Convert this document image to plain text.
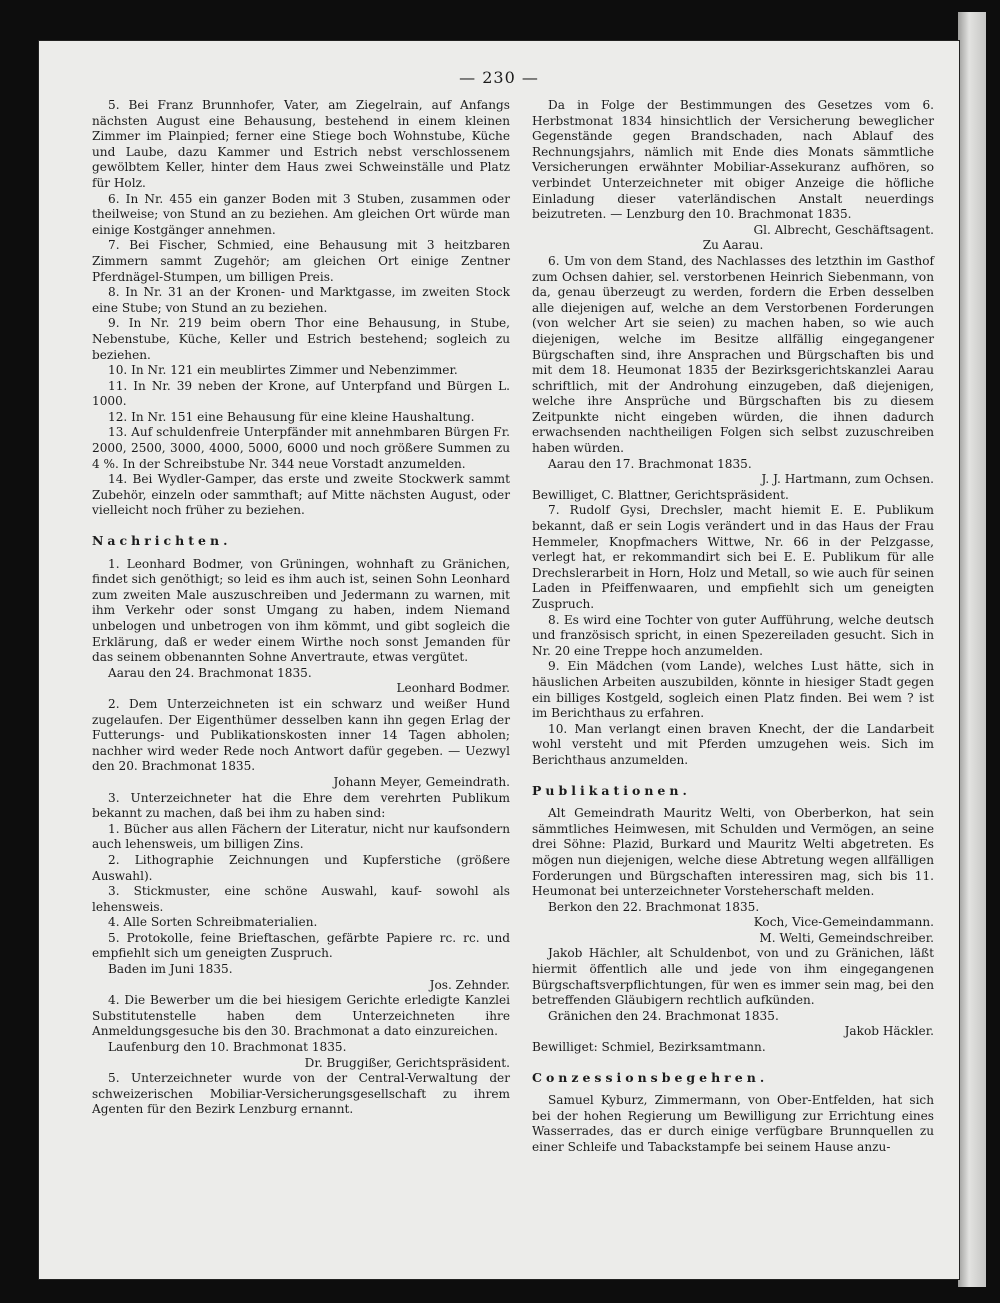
— 230 —

5. Bei Franz Brunnhofer, Vater, am Ziegelrain, auf Anfangs nächsten August eine Behausung, bestehend in einem kleinen Zimmer im Plainpied; ferner eine Stiege boch Wohnstube, Küche und Laube, dazu Kammer und Estrich nebst verschlossenem gewölbtem Keller, hinter dem Haus zwei Schweinställe und Platz für Holz.

6. In Nr. 455 ein ganzer Boden mit 3 Stuben, zusammen oder theilweise; von Stund an zu beziehen. Am gleichen Ort würde man einige Kostgänger annehmen.

7. Bei Fischer, Schmied, eine Behausung mit 3 heitzbaren Zimmern sammt Zugehör; am gleichen Ort einige Zentner Pferdnägel-Stumpen, um billigen Preis.

8. In Nr. 31 an der Kronen- und Marktgasse, im zweiten Stock eine Stube; von Stund an zu beziehen.

9. In Nr. 219 beim obern Thor eine Behausung, in Stube, Nebenstube, Küche, Keller und Estrich bestehend; sogleich zu beziehen.

10. In Nr. 121 ein meublirtes Zimmer und Nebenzimmer.

11. In Nr. 39 neben der Krone, auf Unterpfand und Bürgen L. 1000.

12. In Nr. 151 eine Behausung für eine kleine Haushaltung.

13. Auf schuldenfreie Unterpfänder mit annehmbaren Bürgen Fr. 2000, 2500, 3000, 4000, 5000, 6000 und noch größere Summen zu 4 %. In der Schreibstube Nr. 344 neue Vorstadt anzumelden.

14. Bei Wydler-Gamper, das erste und zweite Stockwerk sammt Zubehör, einzeln oder sammthaft; auf Mitte nächsten August, oder vielleicht noch früher zu beziehen.

Nachrichten.

1. Leonhard Bodmer, von Grüningen, wohnhaft zu Gränichen, findet sich genöthigt; so leid es ihm auch ist, seinen Sohn Leonhard zum zweiten Male auszuschreiben und Jedermann zu warnen, mit ihm Verkehr oder sonst Umgang zu haben, indem Niemand unbelogen und unbetrogen von ihm kömmt, und gibt sogleich die Erklärung, daß er weder einem Wirthe noch sonst Jemanden für das seinem obbenannten Sohne Anvertraute, etwas vergütet.

Aarau den 24. Brachmonat 1835.

Leonhard Bodmer.

2. Dem Unterzeichneten ist ein schwarz und weißer Hund zugelaufen. Der Eigenthümer desselben kann ihn gegen Erlag der Futterungs- und Publikationskosten inner 14 Tagen abholen; nachher wird weder Rede noch Antwort dafür gegeben. — Uezwyl den 20. Brachmonat 1835.

Johann Meyer, Gemeindrath.

3. Unterzeichneter hat die Ehre dem verehrten Publikum bekannt zu machen, daß bei ihm zu haben sind:

1. Bücher aus allen Fächern der Literatur, nicht nur kaufsondern auch lehensweis, um billigen Zins.

2. Lithographie Zeichnungen und Kupferstiche (größere Auswahl).

3. Stickmuster, eine schöne Auswahl, kauf- sowohl als lehensweis.

4. Alle Sorten Schreibmaterialien.

5. Protokolle, feine Brieftaschen, gefärbte Papiere rc. rc. und empfiehlt sich um geneigten Zuspruch.

Baden im Juni 1835.

Jos. Zehnder.

4. Die Bewerber um die bei hiesigem Gerichte erledigte Kanzlei Substitutenstelle haben dem Unterzeichneten ihre Anmeldungsgesuche bis den 30. Brachmonat a dato einzureichen.

Laufenburg den 10. Brachmonat 1835.

Dr. Bruggißer, Gerichtspräsident.

5. Unterzeichneter wurde von der Central-Verwaltung der schweizerischen Mobiliar-Versicherungsgesellschaft zu ihrem Agenten für den Bezirk Lenzburg ernannt.

Da in Folge der Bestimmungen des Gesetzes vom 6. Herbstmonat 1834 hinsichtlich der Versicherung beweglicher Gegenstände gegen Brandschaden, nach Ablauf des Rechnungsjahrs, nämlich mit Ende dies Monats sämmtliche Versicherungen erwähnter Mobiliar-Assekuranz aufhören, so verbindet Unterzeichneter mit obiger Anzeige die höfliche Einladung dieser vaterländischen Anstalt neuerdings beizutreten. — Lenzburg den 10. Brachmonat 1835.

Gl. Albrecht, Geschäftsagent.

Zu Aarau.

6. Um von dem Stand, des Nachlasses des letzthin im Gasthof zum Ochsen dahier, sel. verstorbenen Heinrich Siebenmann, von da, genau überzeugt zu werden, fordern die Erben desselben alle diejenigen auf, welche an dem Verstorbenen Forderungen (von welcher Art sie seien) zu machen haben, so wie auch diejenigen, welche im Besitze allfällig eingegangener Bürgschaften sind, ihre Ansprachen und Bürgschaften bis und mit dem 18. Heumonat 1835 der Bezirksgerichtskanzlei Aarau schriftlich, mit der Androhung einzugeben, daß diejenigen, welche ihre Ansprüche und Bürgschaften bis zu diesem Zeitpunkte nicht eingeben würden, die ihnen dadurch erwachsenden nachtheiligen Folgen sich selbst zuzuschreiben haben würden.

Aarau den 17. Brachmonat 1835.

J. J. Hartmann, zum Ochsen.

Bewilliget, C. Blattner, Gerichtspräsident.

7. Rudolf Gysi, Drechsler, macht hiemit E. E. Publikum bekannt, daß er sein Logis verändert und in das Haus der Frau Hemmeler, Knopfmachers Wittwe, Nr. 66 in der Pelzgasse, verlegt hat, er rekommandirt sich bei E. E. Publikum für alle Drechslerarbeit in Horn, Holz und Metall, so wie auch für seinen Laden in Pfeiffenwaaren, und empfiehlt sich um geneigten Zuspruch.

8. Es wird eine Tochter von guter Aufführung, welche deutsch und französisch spricht, in einen Spezereiladen gesucht. Sich in Nr. 20 eine Treppe hoch anzumelden.

9. Ein Mädchen (vom Lande), welches Lust hätte, sich in häuslichen Arbeiten auszubilden, könnte in hiesiger Stadt gegen ein billiges Kostgeld, sogleich einen Platz finden. Bei wem ? ist im Berichthaus zu erfahren.

10. Man verlangt einen braven Knecht, der die Landarbeit wohl versteht und mit Pferden umzugehen weis. Sich im Berichthaus anzumelden.

Publikationen.

Alt Gemeindrath Mauritz Welti, von Oberberkon, hat sein sämmtliches Heimwesen, mit Schulden und Vermögen, an seine drei Söhne: Plazid, Burkard und Mauritz Welti abgetreten. Es mögen nun diejenigen, welche diese Abtretung wegen allfälligen Forderungen und Bürgschaften interessiren mag, sich bis 11. Heumonat bei unterzeichneter Vorsteherschaft melden.

Berkon den 22. Brachmonat 1835.

Koch, Vice-Gemeindammann.

M. Welti, Gemeindschreiber.

Jakob Hächler, alt Schuldenbot, von und zu Gränichen, läßt hiermit öffentlich alle und jede von ihm eingegangenen Bürgschaftsverpflichtungen, für wen es immer sein mag, bei den betreffenden Gläubigern rechtlich aufkünden.

Gränichen den 24. Brachmonat 1835.

Jakob Häckler.

Bewilliget: Schmiel, Bezirksamtmann.

Conzessionsbegehren.

Samuel Kyburz, Zimmermann, von Ober-Entfelden, hat sich bei der hohen Regierung um Bewilligung zur Errichtung eines Wasserrades, das er durch einige verfügbare Brunnquellen zu einer Schleife und Tabackstampfe bei seinem Hause anzu-
